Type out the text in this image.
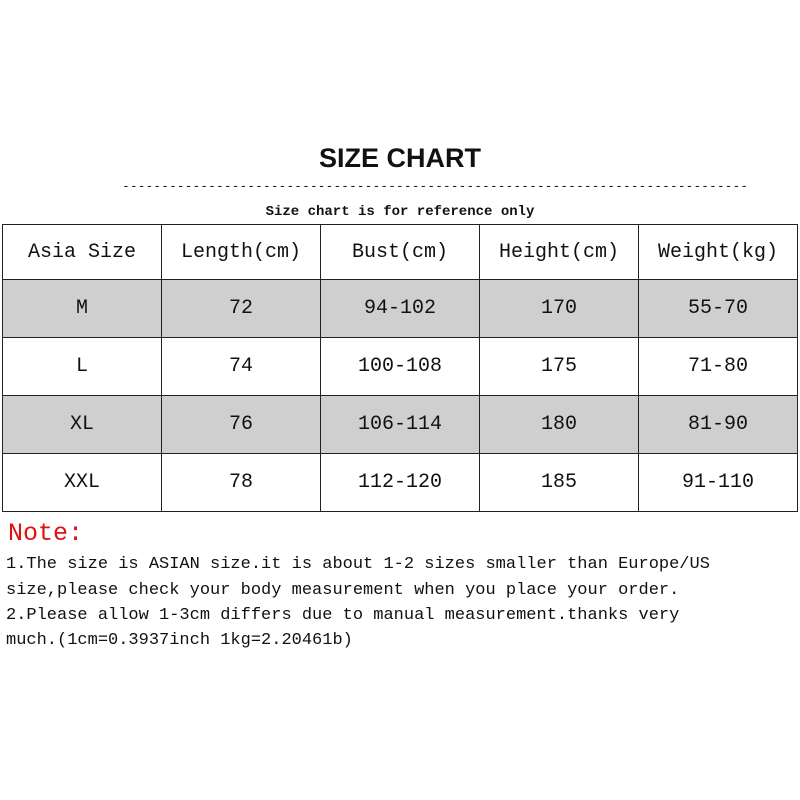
SIZE CHART
--------------------------------------------------------------------------------
Size chart is for reference only
Asia Size	Length(cm)	Bust(cm)	Height(cm)	Weight(kg)
M	72	94-102	170	55-70
L	74	100-108	175	71-80
XL	76	106-114	180	81-90
XXL	78	112-120	185	91-110
Note:
1.The size is ASIAN size.it is about 1-2 sizes smaller than Europe/US
size,please check your body measurement when you place your order.
2.Please allow 1-3cm differs due to manual measurement.thanks very
much.(1cm=0.3937inch 1kg=2.20461b)
